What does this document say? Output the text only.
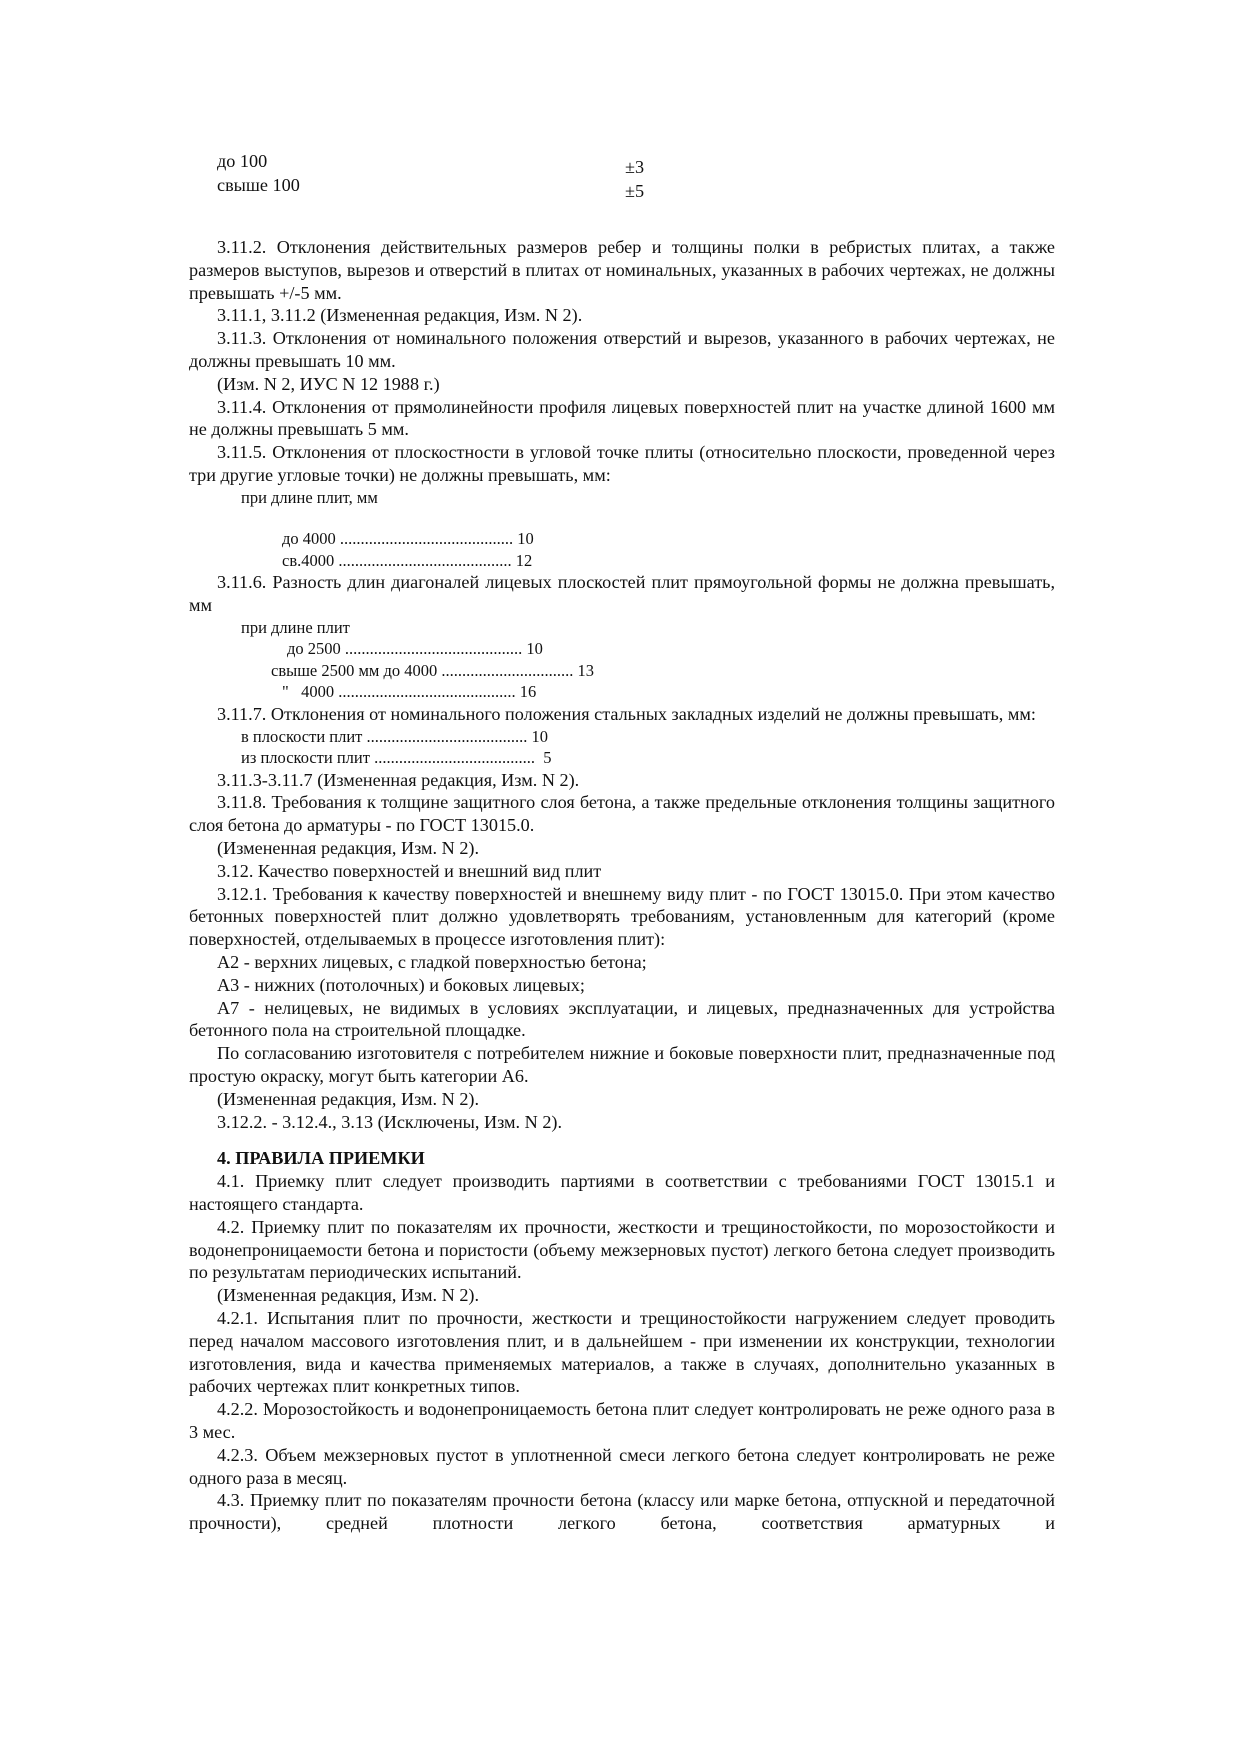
до 100	±3
свыше 100	±5

3.11.2. Отклонения действительных размеров ребер и толщины полки в ребристых плитах, а также размеров выступов, вырезов и отверстий в плитах от номинальных, указанных в рабочих чертежах, не должны превышать +/-5 мм.

3.11.1, 3.11.2 (Измененная редакция, Изм. N 2).

3.11.3. Отклонения от номинального положения отверстий и вырезов, указанного в рабочих чертежах, не должны превышать 10 мм.

(Изм. N 2, ИУС N 12 1988 г.)

3.11.4. Отклонения от прямолинейности профиля лицевых поверхностей плит на участке длиной 1600 мм не должны превышать 5 мм.

3.11.5. Отклонения от плоскостности в угловой точке плиты (относительно плоскости, проведенной через три другие угловые точки) не должны превышать, мм:

при длине плит, мм
до 4000 .......................................... 10
св.4000 .......................................... 12

3.11.6. Разность длин диагоналей лицевых плоскостей плит прямоугольной формы не должна превышать, мм

при длине плит
до 2500 ........................................... 10
свыше 2500 мм до 4000 ................................ 13
"   4000 ........................................... 16

3.11.7. Отклонения от номинального положения стальных закладных изделий не должны превышать, мм:

в плоскости плит ....................................... 10
из плоскости плит .......................................  5

3.11.3-3.11.7 (Измененная редакция, Изм. N 2).

3.11.8. Требования к толщине защитного слоя бетона, а также предельные отклонения толщины защитного слоя бетона до арматуры - по ГОСТ 13015.0.

(Измененная редакция, Изм. N 2).

3.12. Качество поверхностей и внешний вид плит

3.12.1. Требования к качеству поверхностей и внешнему виду плит - по ГОСТ 13015.0. При этом качество бетонных поверхностей плит должно удовлетворять требованиям, установленным для категорий (кроме поверхностей, отделываемых в процессе изготовления плит):

А2 - верхних лицевых, с гладкой поверхностью бетона;

А3 - нижних (потолочных) и боковых лицевых;

А7 - нелицевых, не видимых в условиях эксплуатации, и лицевых, предназначенных для устройства бетонного пола на строительной площадке.

По согласованию изготовителя с потребителем нижние и боковые поверхности плит, предназначенные под простую окраску, могут быть категории А6.

(Измененная редакция, Изм. N 2).

3.12.2. - 3.12.4., 3.13 (Исключены, Изм. N 2).

4. ПРАВИЛА ПРИЕМКИ

4.1. Приемку плит следует производить партиями в соответствии с требованиями ГОСТ 13015.1 и настоящего стандарта.

4.2. Приемку плит по показателям их прочности, жесткости и трещиностойкости, по морозостойкости и водонепроницаемости бетона и пористости (объему межзерновых пустот) легкого бетона следует производить по результатам периодических испытаний.

(Измененная редакция, Изм. N 2).

4.2.1. Испытания плит по прочности, жесткости и трещиностойкости нагружением следует проводить перед началом массового изготовления плит, и в дальнейшем - при изменении их конструкции, технологии изготовления, вида и качества применяемых материалов, а также в случаях, дополнительно указанных в рабочих чертежах плит конкретных типов.

4.2.2. Морозостойкость и водонепроницаемость бетона плит следует контролировать не реже одного раза в 3 мес.

4.2.3. Объем межзерновых пустот в уплотненной смеси легкого бетона следует контролировать не реже одного раза в месяц.

4.3. Приемку плит по показателям прочности бетона (классу или марке бетона, отпускной и передаточной прочности), средней плотности легкого бетона, соответствия арматурных и
